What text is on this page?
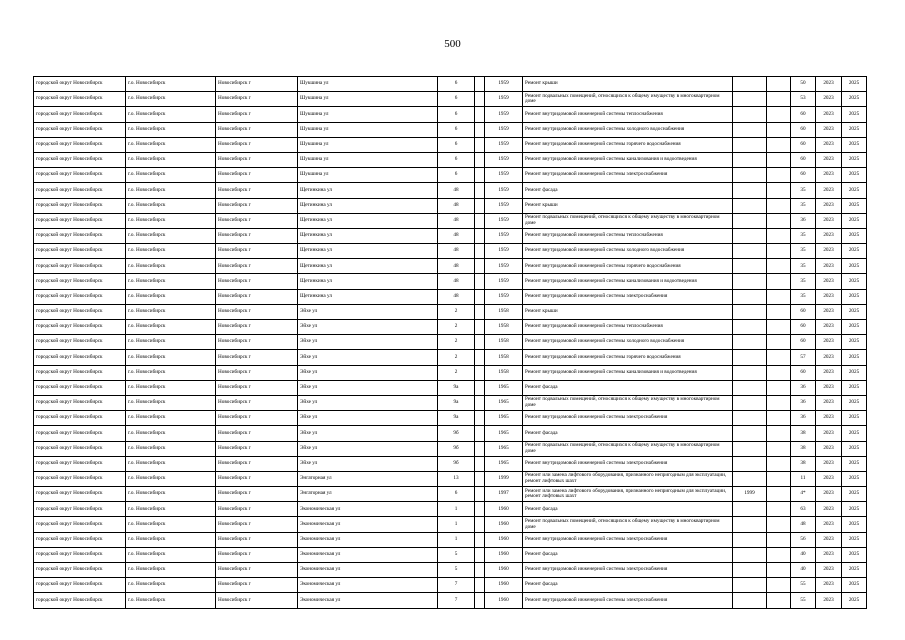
500
городской округ Новосибирск	г.о. Новосибирск	Новосибирск г	Шукшина ул	6		1959	Ремонт крыши			50	2023	2025
городской округ Новосибирск	г.о. Новосибирск	Новосибирск г	Шукшина ул	6		1959	Ремонт подвальных помещений, относящихся к общему имуществу в многоквартирном доме			53	2023	2025
городской округ Новосибирск	г.о. Новосибирск	Новосибирск г	Шукшина ул	6		1959	Ремонт внутридомовой инженерной системы теплоснабжения			60	2023	2025
городской округ Новосибирск	г.о. Новосибирск	Новосибирск г	Шукшина ул	6		1959	Ремонт внутридомовой инженерной системы холодного водоснабжения			60	2023	2025
городской округ Новосибирск	г.о. Новосибирск	Новосибирск г	Шукшина ул	6		1959	Ремонт внутридомовой инженерной системы горячего водоснабжения			60	2023	2025
городской округ Новосибирск	г.о. Новосибирск	Новосибирск г	Шукшина ул	6		1959	Ремонт внутридомовой инженерной системы канализования и водоотведения			60	2023	2025
городской округ Новосибирск	г.о. Новосибирск	Новосибирск г	Шукшина ул	6		1959	Ремонт внутридомовой инженерной системы электроснабжения			60	2023	2025
городской округ Новосибирск	г.о. Новосибирск	Новосибирск г	Щетинкина ул	48		1959	Ремонт фасада			35	2023	2025
городской округ Новосибирск	г.о. Новосибирск	Новосибирск г	Щетинкина ул	48		1959	Ремонт крыши			35	2023	2025
городской округ Новосибирск	г.о. Новосибирск	Новосибирск г	Щетинкина ул	48		1959	Ремонт подвальных помещений, относящихся к общему имуществу в многоквартирном доме			36	2023	2025
городской округ Новосибирск	г.о. Новосибирск	Новосибирск г	Щетинкина ул	48		1959	Ремонт внутридомовой инженерной системы теплоснабжения			35	2023	2025
городской округ Новосибирск	г.о. Новосибирск	Новосибирск г	Щетинкина ул	48		1959	Ремонт внутридомовой инженерной системы холодного водоснабжения			35	2023	2025
городской округ Новосибирск	г.о. Новосибирск	Новосибирск г	Щетинкина ул	48		1959	Ремонт внутридомовой инженерной системы горячего водоснабжения			35	2023	2025
городской округ Новосибирск	г.о. Новосибирск	Новосибирск г	Щетинкина ул	48		1959	Ремонт внутридомовой инженерной системы канализования и водоотведения			35	2023	2025
городской округ Новосибирск	г.о. Новосибирск	Новосибирск г	Щетинкина ул	48		1959	Ремонт внутридомовой инженерной системы электроснабжения			35	2023	2025
городской округ Новосибирск	г.о. Новосибирск	Новосибирск г	Эйхе ул	2		1958	Ремонт крыши			60	2023	2025
городской округ Новосибирск	г.о. Новосибирск	Новосибирск г	Эйхе ул	2		1958	Ремонт внутридомовой инженерной системы теплоснабжения			60	2023	2025
городской округ Новосибирск	г.о. Новосибирск	Новосибирск г	Эйхе ул	2		1958	Ремонт внутридомовой инженерной системы холодного водоснабжения			60	2023	2025
городской округ Новосибирск	г.о. Новосибирск	Новосибирск г	Эйхе ул	2		1958	Ремонт внутридомовой инженерной системы горячего водоснабжения			57	2023	2025
городской округ Новосибирск	г.о. Новосибирск	Новосибирск г	Эйхе ул	2		1958	Ремонт внутридомовой инженерной системы канализования и водоотведения			60	2023	2025
городской округ Новосибирск	г.о. Новосибирск	Новосибирск г	Эйхе ул	9а		1965	Ремонт фасада			36	2023	2025
городской округ Новосибирск	г.о. Новосибирск	Новосибирск г	Эйхе ул	9а		1965	Ремонт подвальных помещений, относящихся к общему имуществу в многоквартирном доме			36	2023	2025
городской округ Новосибирск	г.о. Новосибирск	Новосибирск г	Эйхе ул	9а		1965	Ремонт внутридомовой инженерной системы электроснабжения			36	2023	2025
городской округ Новосибирск	г.о. Новосибирск	Новосибирск г	Эйхе ул	9б		1965	Ремонт фасада			38	2023	2025
городской округ Новосибирск	г.о. Новосибирск	Новосибирск г	Эйхе ул	9б		1965	Ремонт подвальных помещений, относящихся к общему имуществу в многоквартирном доме			38	2023	2025
городской округ Новосибирск	г.о. Новосибирск	Новосибирск г	Эйхе ул	9б		1965	Ремонт внутридомовой инженерной системы электроснабжения			38	2023	2025
городской округ Новосибирск	г.о. Новосибирск	Новосибирск г	Энгаторная ул	13		1999	Ремонт или замена лифтового оборудования, признанного непригодным для эксплуатации, ремонт лифтовых шахт			11	2023	2025
городской округ Новосибирск	г.о. Новосибирск	Новосибирск г	Энгаторная ул	6		1997	Ремонт или замена лифтового оборудования, признанного непригодным для эксплуатации, ремонт лифтовых шахт	1999		4*	2023	2025
городской округ Новосибирск	г.о. Новосибирск	Новосибирск г	Экономическая ул	1		1960	Ремонт фасада			63	2023	2025
городской округ Новосибирск	г.о. Новосибирск	Новосибирск г	Экономическая ул	1		1960	Ремонт подвальных помещений, относящихся к общему имуществу в многоквартирном доме			48	2023	2025
городской округ Новосибирск	г.о. Новосибирск	Новосибирск г	Экономическая ул	1		1960	Ремонт внутридомовой инженерной системы электроснабжения			56	2023	2025
городской округ Новосибирск	г.о. Новосибирск	Новосибирск г	Экономическая ул	5		1960	Ремонт фасада			40	2023	2025
городской округ Новосибирск	г.о. Новосибирск	Новосибирск г	Экономическая ул	5		1960	Ремонт внутридомовой инженерной системы электроснабжения			40	2023	2025
городской округ Новосибирск	г.о. Новосибирск	Новосибирск г	Экономическая ул	7		1960	Ремонт фасада			55	2023	2025
городской округ Новосибирск	г.о. Новосибирск	Новосибирск г	Экономическая ул	7		1960	Ремонт внутридомовой инженерной системы электроснабжения			55	2023	2025
